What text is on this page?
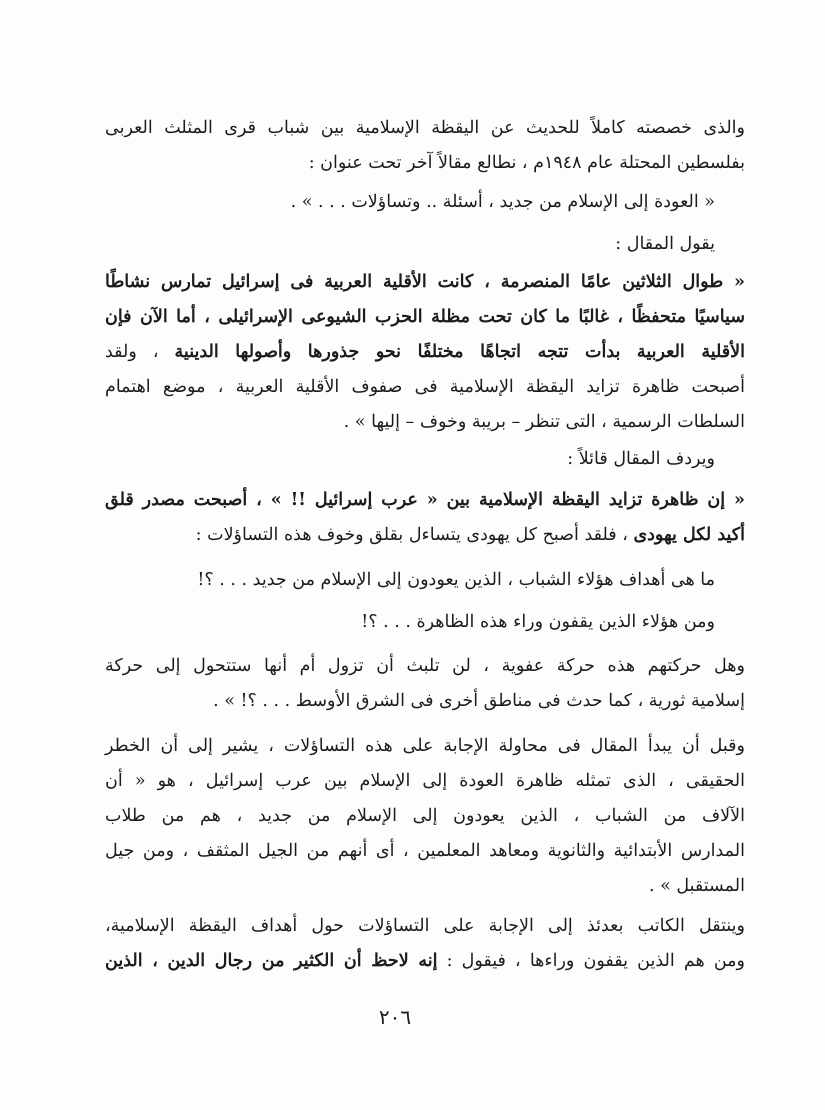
والذى خصصته كاملاً للحديث عن اليقظة الإسلامية بين شباب قرى المثلث العربى
بفلسطين المحتلة عام ١٩٤٨م ، نطالع مقالاً آخر تحت عنوان :
« العودة إلى الإسلام من جديد ، أسئلة .. وتساؤلات . . . » .
يقول المقال :
« طوال الثلاثين عامًا المنصرمة ، كانت الأقلية العربية فى إسرائيل تمارس نشاطًا
سياسيًا متحفظًا ، غالبًا ما كان تحت مظلة الحزب الشيوعى الإسرائيلى ، أما الآن فإن
الأقلية العربية بدأت تتجه اتجاهًا مختلفًا نحو جذورها وأصولها الدينية ، ولقد
أصبحت ظاهرة تزايد اليقظة الإسلامية فى صفوف الأقلية العربية ، موضع اهتمام
السلطات الرسمية ، التى تنظر – بريبة وخوف – إليها » .
ويردف المقال قائلاً :
« إن ظاهرة تزايد اليقظة الإسلامية بين « عرب إسرائيل !! » ، أصبحت مصدر قلق
أكيد لكل يهودى ، فلقد أصبح كل يهودى يتساءل بقلق وخوف هذه التساؤلات :
ما هى أهداف هؤلاء الشباب ، الذين يعودون إلى الإسلام من جديد . . . ؟!
ومن هؤلاء الذين يقفون وراء هذه الظاهرة . . . ؟!
وهل حركتهم هذه حركة عفوية ، لن تلبث أن تزول أم أنها ستتحول إلى حركة
إسلامية ثورية ، كما حدث فى مناطق أخرى فى الشرق الأوسط . . . ؟! » .
وقبل أن يبدأ المقال فى محاولة الإجابة على هذه التساؤلات ، يشير إلى أن الخطر
الحقيقى ، الذى تمثله ظاهرة العودة إلى الإسلام بين عرب إسرائيل ، هو « أن
الآلاف من الشباب ، الذين يعودون إلى الإسلام من جديد ، هم من طلاب
المدارس الأبتدائية والثانوية ومعاهد المعلمين ، أى أنهم من الجيل المثقف ، ومن جيل
المستقبل » .
وينتقل الكاتب بعدئذ إلى الإجابة على التساؤلات حول أهداف اليقظة الإسلامية،
ومن هم الذين يقفون وراءها ، فيقول : إنه لاحظ أن الكثير من رجال الدين ، الذين
٢٠٦
